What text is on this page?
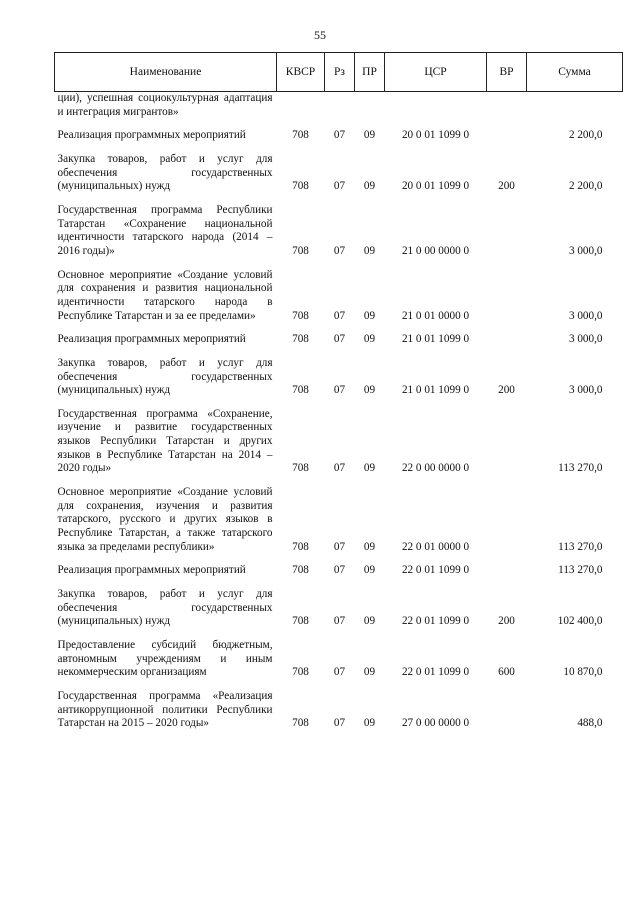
55
Наименование	КВСР	Рз	ПР	ЦСР	ВР	Сумма
ции), успешная социокультурная адаптация и интеграция мигрантов»						
Реализация программных мероприятий	708	07	09	20 0 01 1099 0		2 200,0
Закупка товаров, работ и услуг для обеспечения государственных (муниципальных) нужд	708	07	09	20 0 01 1099 0	200	2 200,0
Государственная программа Республики Татарстан «Сохранение национальной идентичности татарского народа (2014 – 2016 годы)»	708	07	09	21 0 00 0000 0		3 000,0
Основное мероприятие «Создание условий для сохранения и развития национальной идентичности татарского народа в Республике Татарстан и за ее пределами»	708	07	09	21 0 01 0000 0		3 000,0
Реализация программных мероприятий	708	07	09	21 0 01 1099 0		3 000,0
Закупка товаров, работ и услуг для обеспечения государственных (муниципальных) нужд	708	07	09	21 0 01 1099 0	200	3 000,0
Государственная программа «Сохранение, изучение и развитие государственных языков Республики Татарстан и других языков в Республике Татарстан на 2014 – 2020 годы»	708	07	09	22 0 00 0000 0		113 270,0
Основное мероприятие «Создание условий для сохранения, изучения и развития татарского, русского и других языков в Республике Татарстан, а также татарского языка за пределами республики»	708	07	09	22 0 01 0000 0		113 270,0
Реализация программных мероприятий	708	07	09	22 0 01 1099 0		113 270,0
Закупка товаров, работ и услуг для обеспечения государственных (муниципальных) нужд	708	07	09	22 0 01 1099 0	200	102 400,0
Предоставление субсидий бюджетным, автономным учреждениям и иным некоммерческим организациям	708	07	09	22 0 01 1099 0	600	10 870,0
Государственная программа «Реализация антикоррупционной политики Республики Татарстан на 2015 – 2020 годы»	708	07	09	27 0 00 0000 0		488,0
